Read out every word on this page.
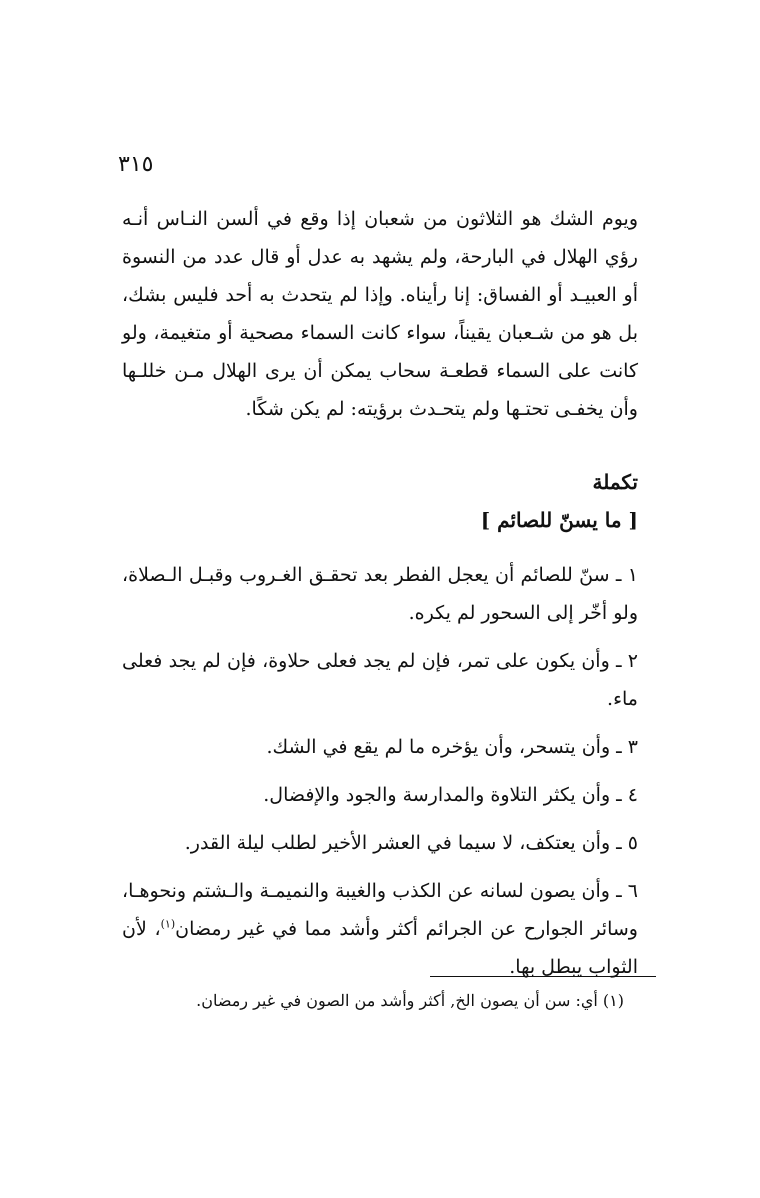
٣١٥
ويوم الشك هو الثلاثون من شعبان إذا وقع في ألسن النـاس أنـه رؤي الهلال في البارحة، ولم يشهد به عدل أو قال عدد من النسوة أو العبيـد أو الفساق: إنا رأيناه. وإذا لم يتحدث به أحد فليس بشك، بل هو من شـعبان يقيناً، سواء كانت السماء مصحية أو متغيمة، ولو كانت على السماء قطعـة سحاب يمكن أن يرى الهلال مـن خللـها وأن يخفـى تحتـها ولم يتحـدث برؤيته: لم يكن شكًا.
تكملة
[ ما يسنّ للصائم ]

١ ـ سنّ للصائم أن يعجل الفطر بعد تحقـق الغـروب وقبـل الـصلاة، ولو أخّر إلى السحور لم يكره.

٢ ـ وأن يكون على تمر، فإن لم يجد فعلى حلاوة، فإن لم يجد فعلى ماء.

٣ ـ وأن يتسحر، وأن يؤخره ما لم يقع في الشك.

٤ ـ وأن يكثر التلاوة والمدارسة والجود والإفضال.

٥ ـ وأن يعتكف، لا سيما في العشر الأخير لطلب ليلة القدر.

٦ ـ وأن يصون لسانه عن الكذب والغيبة والنميمـة والـشتم ونحوهـا، وسائر الجوارح عن الجرائم أكثر وأشد مما في غير رمضان$^{(١)}$، لأن الثواب يبطل بها.

(١) أي: سن أن يصون الخ, أكثر وأشد من الصون في غير رمضان.
